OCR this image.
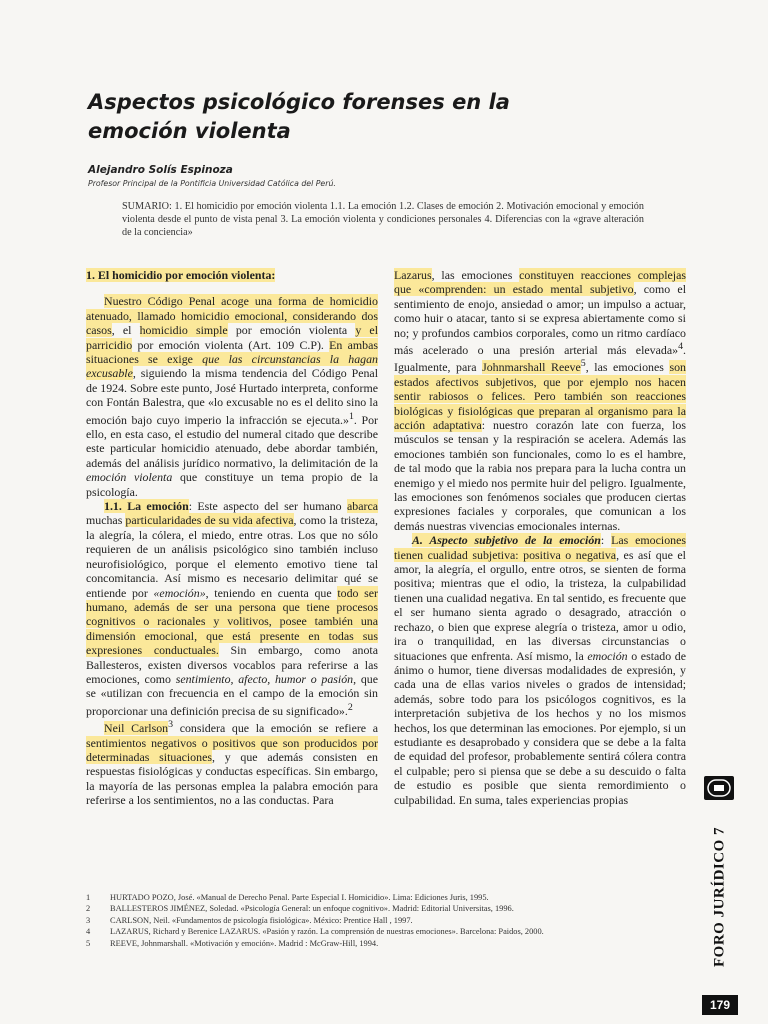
Aspectos psicológico forenses en la
emoción violenta
Alejandro Solís Espinoza
Profesor Principal de la Pontificia Universidad Católica del Perú.
SUMARIO: 1. El homicidio por emoción violenta 1.1. La emoción 1.2. Clases de emoción 2. Motivación emocional y emoción violenta desde el punto de vista penal 3. La emoción violenta y condiciones personales 4. Diferencias con la «grave alteración de la conciencia»

1. El homicidio por emoción violenta:

Nuestro Código Penal acoge una forma de homicidio atenuado, llamado homicidio emocional, considerando dos casos, el homicidio simple por emoción violenta y el parricidio por emoción violenta (Art. 109 C.P). En ambas situaciones se exige que las circunstancias la hagan excusable, siguiendo la misma tendencia del Código Penal de 1924. Sobre este punto, José Hurtado interpreta, conforme con Fontán Balestra, que «lo excusable no es el delito sino la emoción bajo cuyo imperio la infracción se ejecuta.»$^1$. Por ello, en esta caso, el estudio del numeral citado que describe este particular homicidio atenuado, debe abordar también, además del análisis jurídico normativo, la delimitación de la emoción violenta que constituye un tema propio de la psicología.

1.1. La emoción: Este aspecto del ser humano abarca muchas particularidades de su vida afectiva, como la tristeza, la alegría, la cólera, el miedo, entre otras. Los que no sólo requieren de un análisis psicológico sino también incluso neurofisiológico, porque el elemento emotivo tiene tal concomitancia. Así mismo es necesario delimitar qué se entiende por «emoción», teniendo en cuenta que todo ser humano, además de ser una persona que tiene procesos cognitivos o racionales y volitivos, posee también una dimensión emocional, que está presente en todas sus expresiones conductuales. Sin embargo, como anota Ballesteros, existen diversos vocablos para referirse a las emociones, como sentimiento, afecto, humor o pasión, que se «utilizan con frecuencia en el campo de la emoción sin proporcionar una definición precisa de su significado».$^2$

Neil Carlson$^3$ considera que la emoción se refiere a sentimientos negativos o positivos que son producidos por determinadas situaciones, y que además consisten en respuestas fisiológicas y conductas específicas. Sin embargo, la mayoría de las personas emplea la palabra emoción para referirse a los sentimientos, no a las conductas. Para

Lazarus, las emociones constituyen reacciones complejas que «comprenden: un estado mental subjetivo, como el sentimiento de enojo, ansiedad o amor; un impulso a actuar, como huir o atacar, tanto si se expresa abiertamente como si no; y profundos cambios corporales, como un ritmo cardíaco más acelerado o una presión arterial más elevada»$^4$. Igualmente, para Johnmarshall Reeve$^5$, las emociones son estados afectivos subjetivos, que por ejemplo nos hacen sentir rabiosos o felices. Pero también son reacciones biológicas y fisiológicas que preparan al organismo para la acción adaptativa: nuestro corazón late con fuerza, los músculos se tensan y la respiración se acelera. Además las emociones también son funcionales, como lo es el hambre, de tal modo que la rabia nos prepara para la lucha contra un enemigo y el miedo nos permite huir del peligro. Igualmente, las emociones son fenómenos sociales que producen ciertas expresiones faciales y corporales, que comunican a los demás nuestras vivencias emocionales internas.

A. Aspecto subjetivo de la emoción: Las emociones tienen cualidad subjetiva: positiva o negativa, es así que el amor, la alegría, el orgullo, entre otros, se sienten de forma positiva; mientras que el odio, la tristeza, la culpabilidad tienen una cualidad negativa. En tal sentido, es frecuente que el ser humano sienta agrado o desagrado, atracción o rechazo, o bien que exprese alegría o tristeza, amor u odio, ira o tranquilidad, en las diversas circunstancias o situaciones que enfrenta. Así mismo, la emoción o estado de ánimo o humor, tiene diversas modalidades de expresión, y cada una de ellas varios niveles o grados de intensidad; además, sobre todo para los psicólogos cognitivos, es la interpretación subjetiva de los hechos y no los mismos hechos, los que determinan las emociones. Por ejemplo, si un estudiante es desaprobado y considera que se debe a la falta de equidad del profesor, probablemente sentirá cólera contra el culpable; pero si piensa que se debe a su descuido o falta de estudio es posible que sienta remordimiento o culpabilidad. En suma, tales experiencias propias

1	HURTADO POZO, José. «Manual de Derecho Penal. Parte Especial I. Homicidio». Lima: Ediciones Juris, 1995.
2	BALLESTEROS JIMÉNEZ, Soledad. «Psicología General: un enfoque cognitivo». Madrid: Editorial Universitas, 1996.
3	CARLSON, Neil. «Fundamentos de psicología fisiológica». México: Prentice Hall , 1997.
4	LAZARUS, Richard y Berenice LAZARUS. «Pasión y razón. La comprensión de nuestras emociones». Barcelona: Paidos, 2000.
5	REEVE, Johnmarshall. «Motivación y emoción». Madrid : McGraw-Hill, 1994.	FORO JURÍDICO 7
179
